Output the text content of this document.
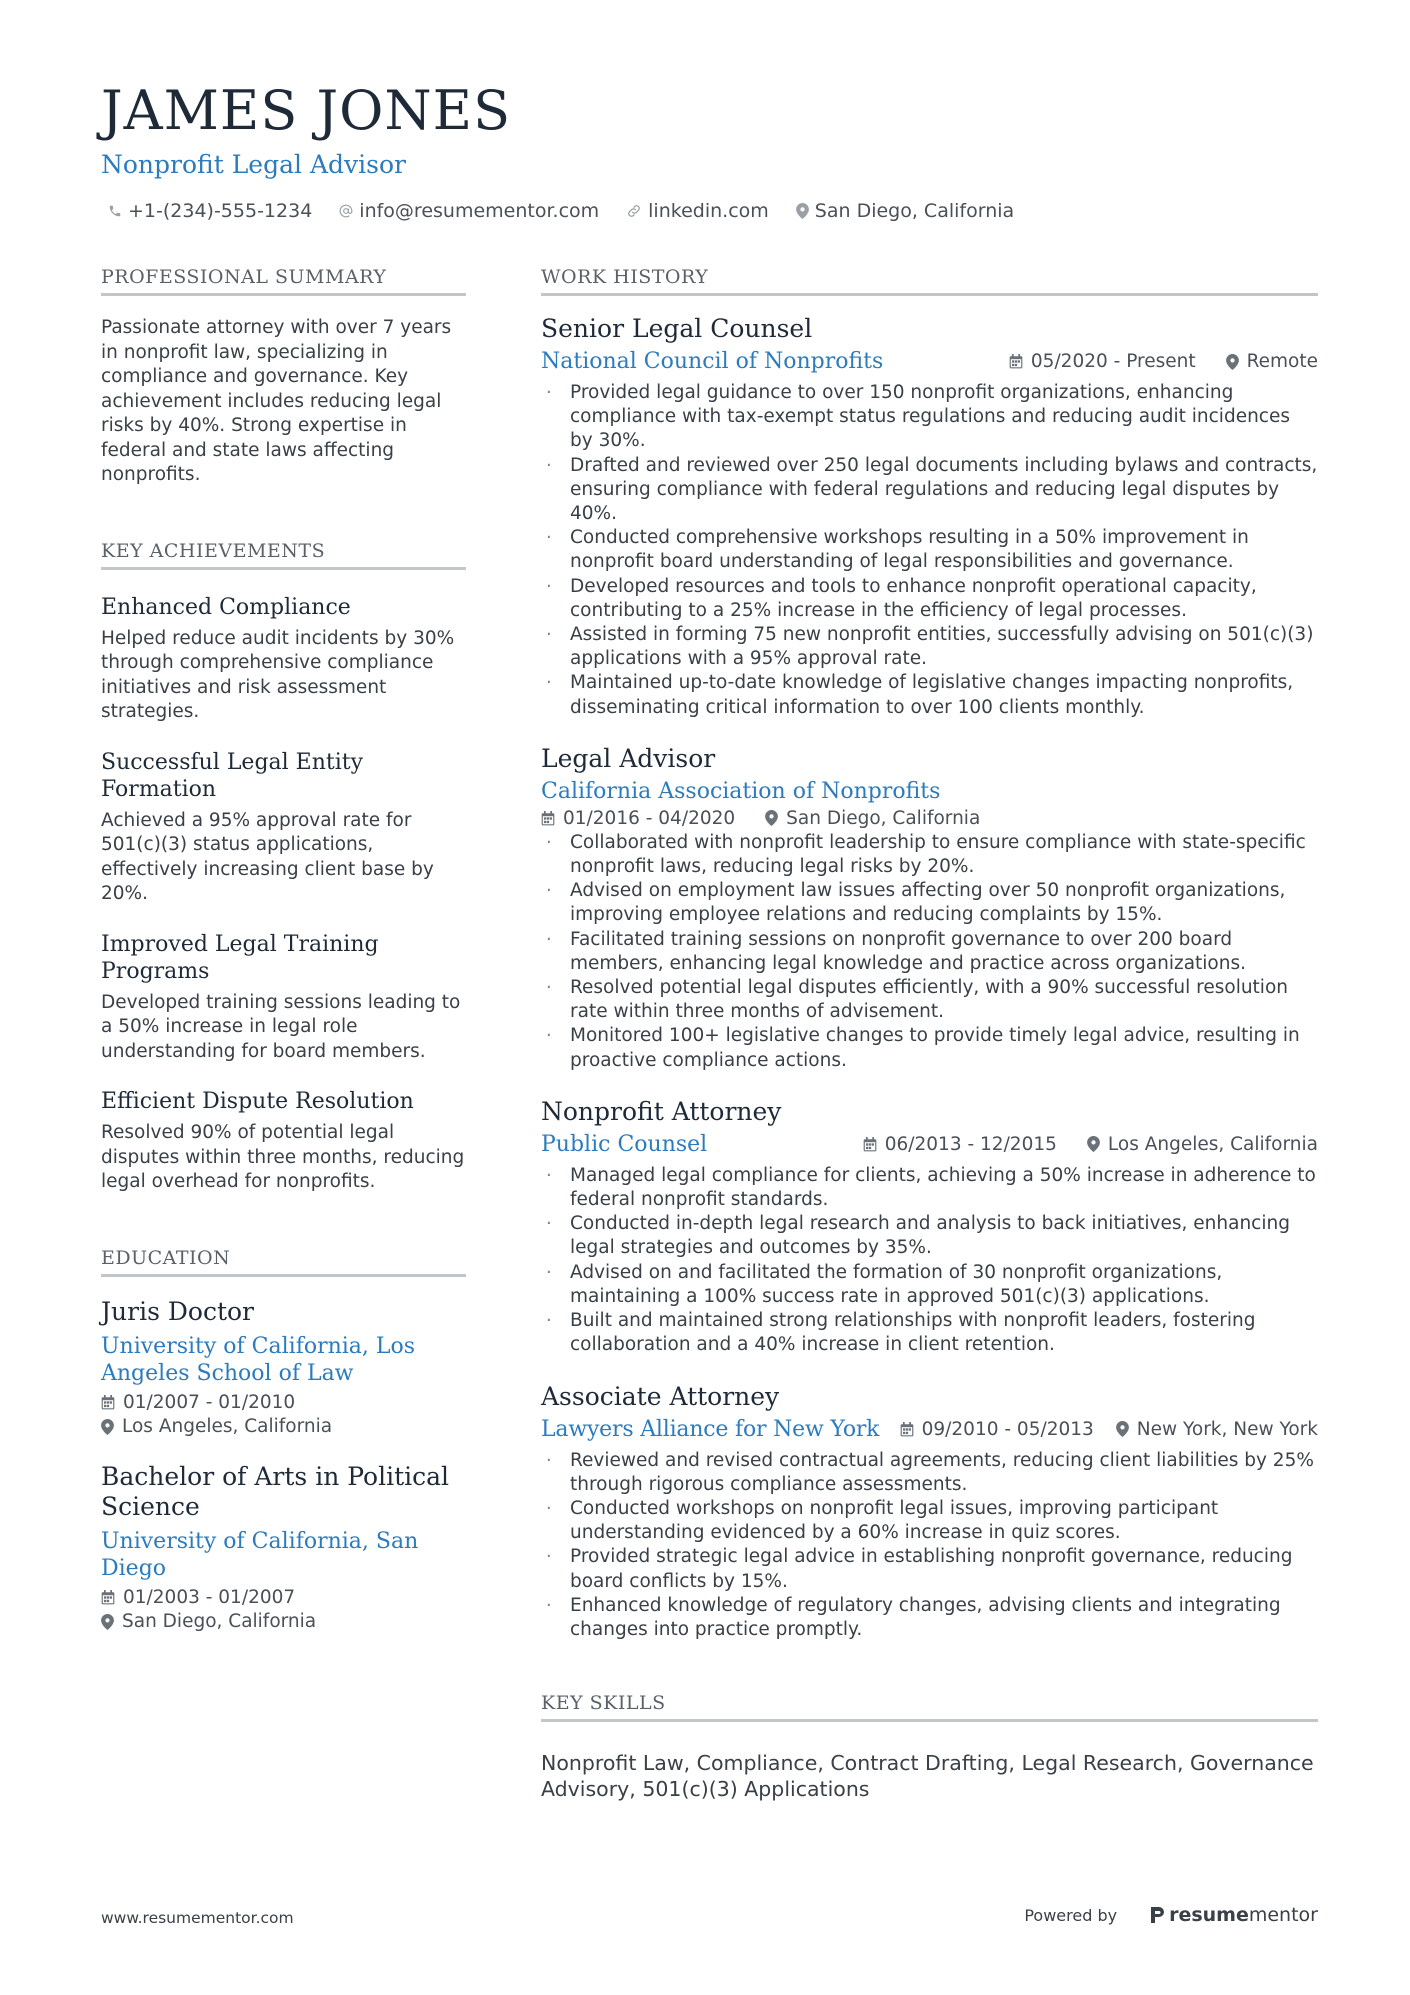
JAMES JONES
Nonprofit Legal Advisor
+1-(234)-555-1234 info@resumementor.com	linkedin.com San Diego, California
PROFESSIONAL SUMMARY
Passionate attorney with over 7 years in nonprofit law, specializing in compliance and governance. Key achievement includes reducing legal risks by 40%. Strong expertise in federal and state laws affecting nonprofits.
KEY ACHIEVEMENTS
Enhanced Compliance
Helped reduce audit incidents by 30% through comprehensive compliance initiatives and risk assessment strategies.
Successful Legal Entity Formation
Achieved a 95% approval rate for 501(c)(3) status applications, effectively increasing client base by 20%.
Improved Legal Training Programs
Developed training sessions leading to a 50% increase in legal role understanding for board members.
Efficient Dispute Resolution
Resolved 90% of potential legal disputes within three months, reducing legal overhead for nonprofits.
EDUCATION
Juris Doctor
University of California, Los Angeles School of Law
01/2007 - 01/2010
Los Angeles, California
Bachelor of Arts in Political Science
University of California, San Diego
01/2003 - 01/2007
San Diego, California
WORK HISTORY
Senior Legal Counsel
National Council of Nonprofits	05/2020 - Present	Remote
· Provided legal guidance to over 150 nonprofit organizations, enhancing compliance with tax-exempt status regulations and reducing audit incidences by 30%.
· Drafted and reviewed over 250 legal documents including bylaws and contracts, ensuring compliance with federal regulations and reducing legal disputes by 40%.
· Conducted comprehensive workshops resulting in a 50% improvement in nonprofit board understanding of legal responsibilities and governance.
· Developed resources and tools to enhance nonprofit operational capacity, contributing to a 25% increase in the efficiency of legal processes.
· Assisted in forming 75 new nonprofit entities, successfully advising on 501(c)(3) applications with a 95% approval rate.
· Maintained up-to-date knowledge of legislative changes impacting nonprofits, disseminating critical information to over 100 clients monthly.
Legal Advisor
California Association of Nonprofits
01/2016 - 04/2020	San Diego, California
· Collaborated with nonprofit leadership to ensure compliance with state-specific nonprofit laws, reducing legal risks by 20%.
· Advised on employment law issues affecting over 50 nonprofit organizations, improving employee relations and reducing complaints by 15%.
· Facilitated training sessions on nonprofit governance to over 200 board members, enhancing legal knowledge and practice across organizations.
· Resolved potential legal disputes efficiently, with a 90% successful resolution rate within three months of advisement.
· Monitored 100+ legislative changes to provide timely legal advice, resulting in proactive compliance actions.
Nonprofit Attorney
Public Counsel	06/2013 - 12/2015	Los Angeles, California
· Managed legal compliance for clients, achieving a 50% increase in adherence to federal nonprofit standards.
· Conducted in-depth legal research and analysis to back initiatives, enhancing legal strategies and outcomes by 35%.
· Advised on and facilitated the formation of 30 nonprofit organizations, maintaining a 100% success rate in approved 501(c)(3) applications.
· Built and maintained strong relationships with nonprofit leaders, fostering collaboration and a 40% increase in client retention.
Associate Attorney
Lawyers Alliance for New York 09/2010 - 05/2013 New York, New York
· Reviewed and revised contractual agreements, reducing client liabilities by 25% through rigorous compliance assessments.
· Conducted workshops on nonprofit legal issues, improving participant understanding evidenced by a 60% increase in quiz scores.
· Provided strategic legal advice in establishing nonprofit governance, reducing board conflicts by 15%.
· Enhanced knowledge of regulatory changes, advising clients and integrating changes into practice promptly.
KEY SKILLS
Nonprofit Law, Compliance, Contract Drafting, Legal Research, Governance Advisory, 501(c)(3) Applications
www.resumementor.com	Powered by	resume mentor
